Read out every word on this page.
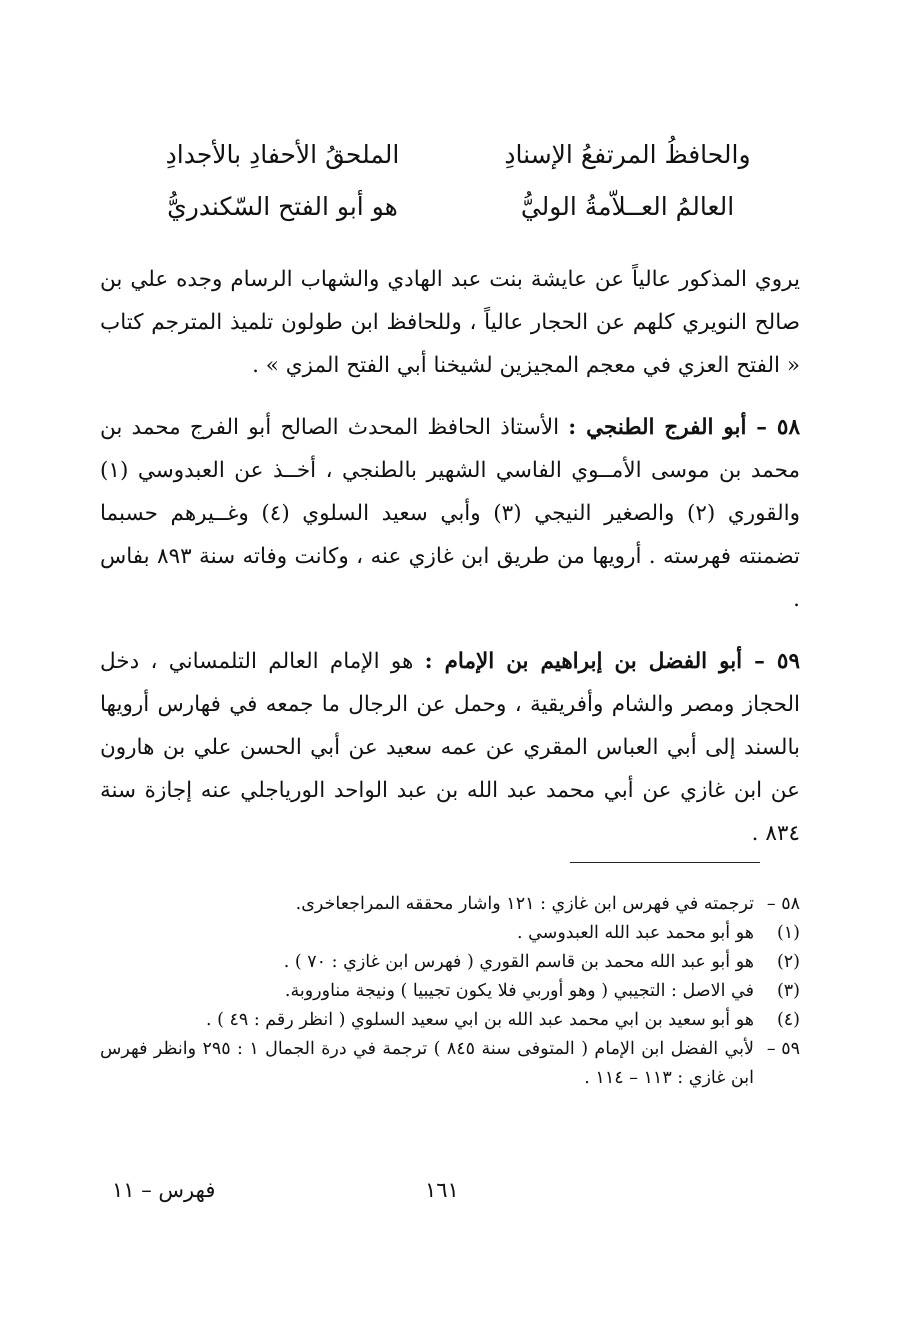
والحافظُ المرتفعُ الإسنادِ
الملحقُ الأحفادِ بالأجدادِ
العالمُ العــلاّمةُ الوليُّ
هو أبو الفتح السّكندريُّ

يروي المذكور عالياً عن عايشة بنت عبد الهادي والشهاب الرسام وجده علي بن صالح النويري كلهم عن الحجار عالياً ، وللحافظ ابن طولون تلميذ المترجم كتاب « الفتح العزي في معجم المجيزين لشيخنا أبي الفتح المزي » .

٥٨ – أبو الفرج الطنجي : الأستاذ الحافظ المحدث الصالح أبو الفرج محمد بن محمد بن موسى الأمــوي الفاسي الشهير بالطنجي ، أخــذ عن العبدوسي (١) والقوري (٢) والصغير النيجي (٣) وأبي سعيد السلوي (٤) وغــيرهم حسبما تضمنته فهرسته . أرويها من طريق ابن غازي عنه ، وكانت وفاته سنة ٨٩٣ بفاس .

٥٩ – أبو الفضل بن إبراهيم بن الإمام : هو الإمام العالم التلمساني ، دخل الحجاز ومصر والشام وأفريقية ، وحمل عن الرجال ما جمعه في فهارس أرويها بالسند إلى أبي العباس المقري عن عمه سعيد عن أبي الحسن علي بن هارون عن ابن غازي عن أبي محمد عبد الله بن عبد الواحد الورياجلي عنه إجازة سنة ٨٣٤ .

٥٨ –
ترجمته في فهرس ابن غازي : ١٢١ واشار محققه الىمراجعاخرى.
(١)
هو أبو محمد عبد الله العبدوسي .
(٢)
هو أبو عبد الله محمد بن قاسم القوري ( فهرس ابن غازي : ٧٠ ) .
(٣)
في الاصل : التجيبي ( وهو أوربي فلا يكون تجيبيا ) ونيجة مناوروبة.
(٤)
هو أبو سعيد بن ابي محمد عبد الله بن ابي سعيد السلوي ( انظر رقم : ٤٩ ) .
٥٩ –
لأبي الفضل ابن الإمام ( المتوفى سنة ٨٤٥ ) ترجمة في درة الجمال ١ : ٢٩٥ وانظر فهرس ابن غازي : ١١٣ – ١١٤ .
١٦١
فهرس – ١١
